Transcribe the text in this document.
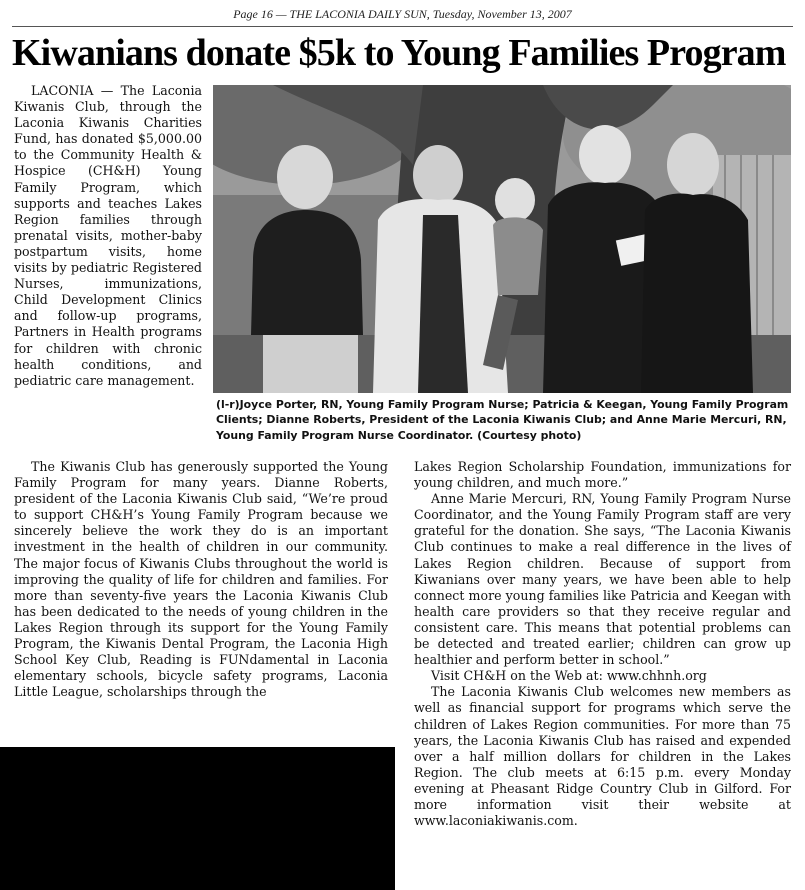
Page 16 — THE LACONIA DAILY SUN, Tuesday, November 13, 2007
Kiwanians donate $5k to Young Families Program

LACONIA — The Laconia Kiwanis Club, through the Laconia Kiwanis Charities Fund, has donated $5,000.00 to the Community Health & Hospice (CH&H) Young Family Program, which supports and teaches Lakes Region families through prenatal visits, mother-baby postpartum visits, home visits by pediatric Registered Nurses, immunizations, Child Development Clinics and follow-up programs, Partners in Health programs for children with chronic health conditions, and pediatric care management.

(l-r)Joyce Porter, RN, Young Family Program Nurse; Patricia & Keegan, Young Family Program Clients; Dianne Roberts, President of the Laconia Kiwanis Club; and Anne Marie Mercuri, RN, Young Family Program Nurse Coordinator. (Courtesy photo)

The Kiwanis Club has generously supported the Young Family Program for many years. Dianne Roberts, president of the Laconia Kiwanis Club said, “We’re proud to support CH&H’s Young Family Program because we sincerely believe the work they do is an important investment in the health of children in our community. The major focus of Kiwanis Clubs throughout the world is improving the quality of life for children and families. For more than seventy-five years the Laconia Kiwanis Club has been dedicated to the needs of young children in the Lakes Region through its support for the Young Family Program, the Kiwanis Dental Program, the Laconia High School Key Club, Reading is FUNdamental in Laconia elementary schools, bicycle safety programs, Laconia Little League, scholarships through the

Lakes Region Scholarship Foundation, immunizations for young children, and much more.”

Anne Marie Mercuri, RN, Young Family Program Nurse Coordinator, and the Young Family Program staff are very grateful for the donation. She says, “The Laconia Kiwanis Club continues to make a real difference in the lives of Lakes Region children. Because of support from Kiwanians over many years, we have been able to help connect more young families like Patricia and Keegan with health care providers so that they receive regular and consistent care. This means that potential problems can be detected and treated earlier; children can grow up healthier and perform better in school.”

Visit CH&H on the Web at: www.chhnh.org

The Laconia Kiwanis Club welcomes new members as well as financial support for programs which serve the children of Lakes Region communities. For more than 75 years, the Laconia Kiwanis Club has raised and expended over a half million dollars for children in the Lakes Region. The club meets at 6:15 p.m. every Monday evening at Pheasant Ridge Country Club in Gilford. For more information visit their website at www.laconiakiwanis.com.
